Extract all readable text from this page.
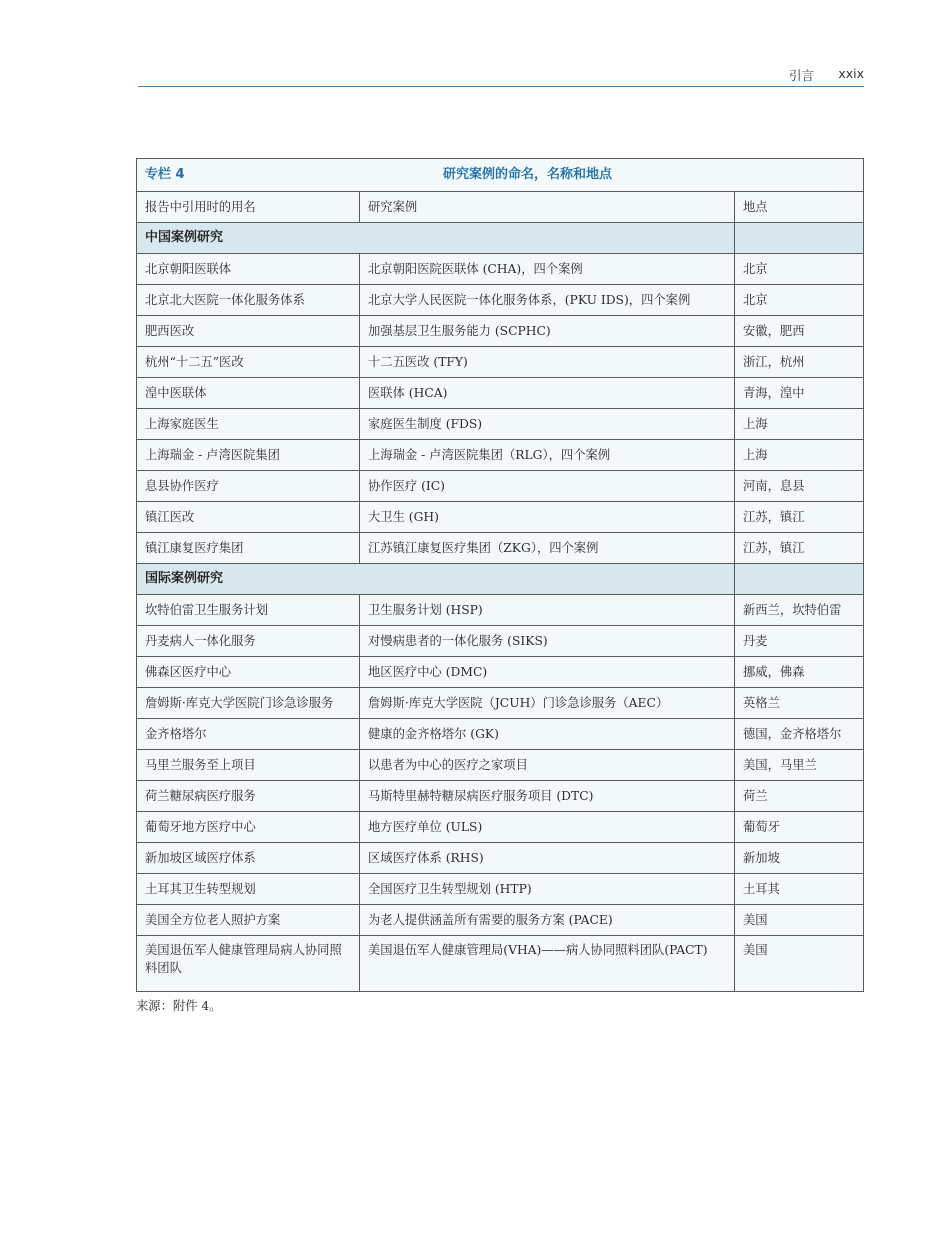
引言 xxix
专栏 4 研究案例的命名，名称和地点		
报告中引用时的用名	研究案例	地点
中国案例研究		
北京朝阳医联体	北京朝阳医院医联体 (CHA)，四个案例	北京
北京北大医院一体化服务体系	北京大学人民医院一体化服务体系，(PKU IDS)，四个案例	北京
肥西医改	加强基层卫生服务能力 (SCPHC)	安徽，肥西
杭州“十二五”医改	十二五医改 (TFY)	浙江，杭州
湟中医联体	医联体 (HCA)	青海，湟中
上海家庭医生	家庭医生制度 (FDS)	上海
上海瑞金 - 卢湾医院集团	上海瑞金 - 卢湾医院集团（RLG），四个案例	上海
息县协作医疗	协作医疗 (IC)	河南，息县
镇江医改	大卫生 (GH)	江苏，镇江
镇江康复医疗集团	江苏镇江康复医疗集团（ZKG），四个案例	江苏，镇江
国际案例研究		
坎特伯雷卫生服务计划	卫生服务计划 (HSP)	新西兰，坎特伯雷
丹麦病人一体化服务	对慢病患者的一体化服务 (SIKS)	丹麦
佛森区医疗中心	地区医疗中心 (DMC)	挪威，佛森
詹姆斯·库克大学医院门诊急诊服务	詹姆斯·库克大学医院（JCUH）门诊急诊服务（AEC）	英格兰
金齐格塔尔	健康的金齐格塔尔 (GK)	德国，金齐格塔尔
马里兰服务至上项目	以患者为中心的医疗之家项目	美国，马里兰
荷兰糖尿病医疗服务	马斯特里赫特糖尿病医疗服务项目 (DTC)	荷兰
葡萄牙地方医疗中心	地方医疗单位 (ULS)	葡萄牙
新加坡区域医疗体系	区域医疗体系 (RHS)	新加坡
土耳其卫生转型规划	全国医疗卫生转型规划 (HTP)	土耳其
美国全方位老人照护方案	为老人提供涵盖所有需要的服务方案 (PACE)	美国
美国退伍军人健康管理局病人协同照料团队	美国退伍军人健康管理局(VHA)——病人协同照料团队(PACT)	美国
来源：附件 4。
